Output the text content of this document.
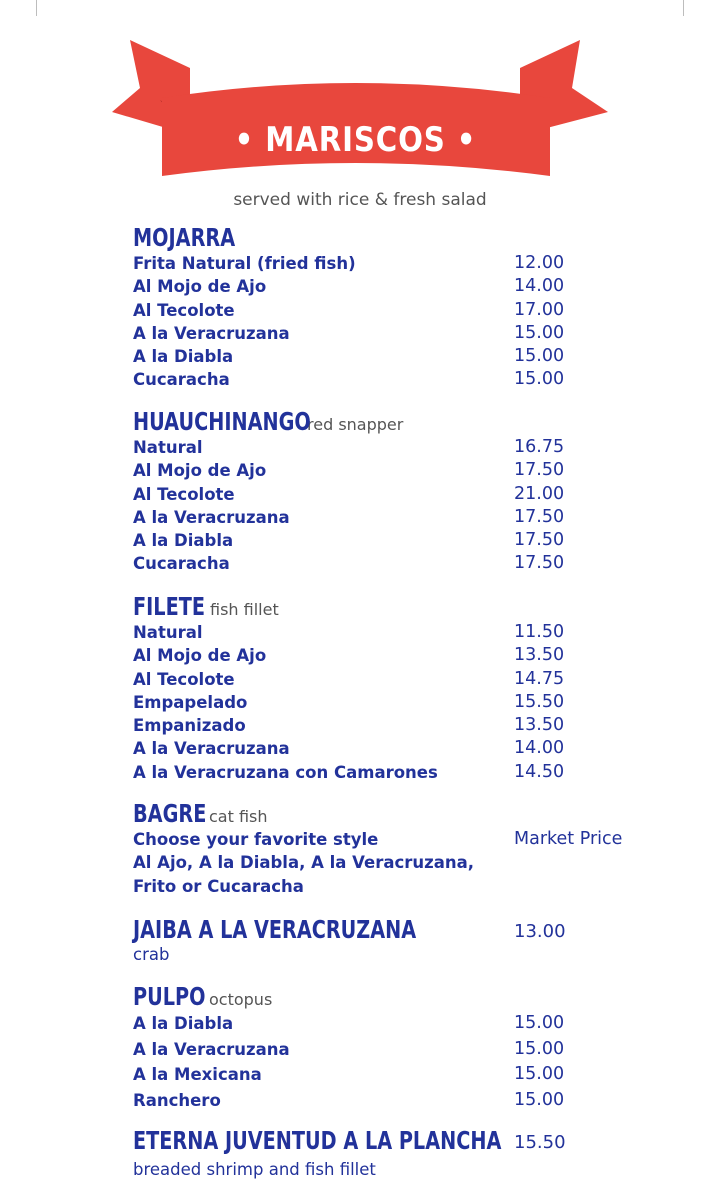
• MARISCOS •
served with rice & fresh salad
MOJARRA
Frita Natural (fried fish)	12.00
Al Mojo de Ajo	14.00
Al Tecolote	17.00
A la Veracruzana	15.00
A la Diabla	15.00
Cucaracha	15.00
HUAUCHINANGO
red snapper
Natural	16.75
Al Mojo de Ajo	17.50
Al Tecolote	21.00
A la Veracruzana	17.50
A la Diabla	17.50
Cucaracha	17.50
FILETE fish fillet
Natural	11.50
Al Mojo de Ajo	13.50
Al Tecolote	14.75
Empapelado	15.50
Empanizado	13.50
A la Veracruzana	14.00
A la Veracruzana con Camarones	14.50
BAGRE cat fish
Choose your favorite style	Market Price
Al Ajo, A la Diabla, A la Veracruzana,
Frito or Cucaracha
JAIBA A LA VERACRUZANA	13.00
crab
PULPO octopus
A la Diabla	15.00
A la Veracruzana	15.00
A la Mexicana	15.00
Ranchero	15.00
ETERNA JUVENTUD A LA PLANCHA 15.50
breaded shrimp and fish fillet
